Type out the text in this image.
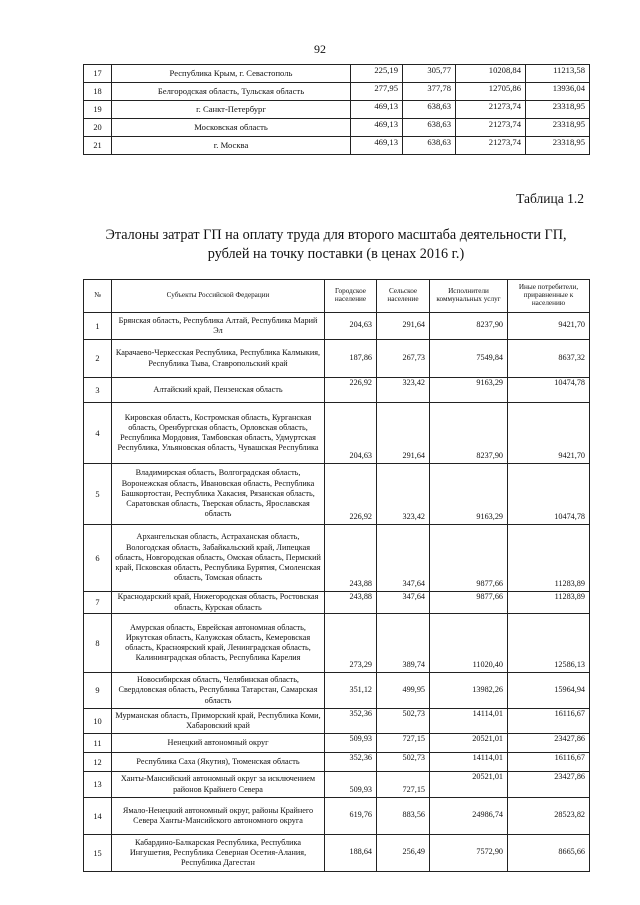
92
17	Республика Крым, г. Севастополь	225,19	305,77	10208,84	11213,58
18	Белгородская область, Тульская область	277,95	377,78	12705,86	13936,04
19	г. Санкт-Петербург	469,13	638,63	21273,74	23318,95
20	Московская область	469,13	638,63	21273,74	23318,95
21	г. Москва	469,13	638,63	21273,74	23318,95
Таблица 1.2
Эталоны затрат ГП на оплату труда для второго масштаба деятельности ГП,
рублей на точку поставки (в ценах 2016 г.)
№	Субъекты Российской Федерации	Городское население	Сельское население	Исполнители коммунальных услуг	Иные потребители, приравненные к населению
1	Брянская область, Республика Алтай, Республика Марий Эл	204,63	291,64	8237,90	9421,70
2	Карачаево-Черкесская Республика, Республика Калмыкия, Республика Тыва, Ставропольский край	187,86	267,73	7549,84	8637,32
3	Алтайский край, Пензенская область	226,92	323,42	9163,29	10474,78
4	Кировская область, Костромская область, Курганская область, Оренбургская область, Орловская область, Республика Мордовия, Тамбовская область, Удмуртская Республика, Ульяновская область, Чувашская Республика	204,63	291,64	8237,90	9421,70
5	Владимирская область, Волгоградская область, Воронежская область, Ивановская область, Республика Башкортостан, Республика Хакасия, Рязанская область, Саратовская область, Тверская область, Ярославская область	226,92	323,42	9163,29	10474,78
6	Архангельская область, Астраханская область, Вологодская область, Забайкальский край, Липецкая область, Новгородская область, Омская область, Пермский край, Псковская область, Республика Бурятия, Смоленская область, Томская область	243,88	347,64	9877,66	11283,89
7	Краснодарский край, Нижегородская область, Ростовская область, Курская область	243,88	347,64	9877,66	11283,89
8	Амурская область, Еврейская автономная область, Иркутская область, Калужская область, Кемеровская область, Красноярский край, Ленинградская область, Калининградская область, Республика Карелия	273,29	389,74	11020,40	12586,13
9	Новосибирская область, Челябинская область, Свердловская область, Республика Татарстан, Самарская область	351,12	499,95	13982,26	15964,94
10	Мурманская область, Приморский край, Республика Коми, Хабаровский край	352,36	502,73	14114,01	16116,67
11	Ненецкий автономный округ	509,93	727,15	20521,01	23427,86
12	Республика Саха (Якутия), Тюменская область	352,36	502,73	14114,01	16116,67
13	Ханты-Мансийский автономный округ за исключением районов Крайнего Севера	509,93	727,15	20521,01	23427,86
14	Ямало-Ненецкий автономный округ, районы Крайнего Севера Ханты-Мансийского автономного округа	619,76	883,56	24986,74	28523,82
15	Кабардино-Балкарская Республика, Республика Ингушетия, Республика Северная Осетия-Алания, Республика Дагестан	188,64	256,49	7572,90	8665,66
